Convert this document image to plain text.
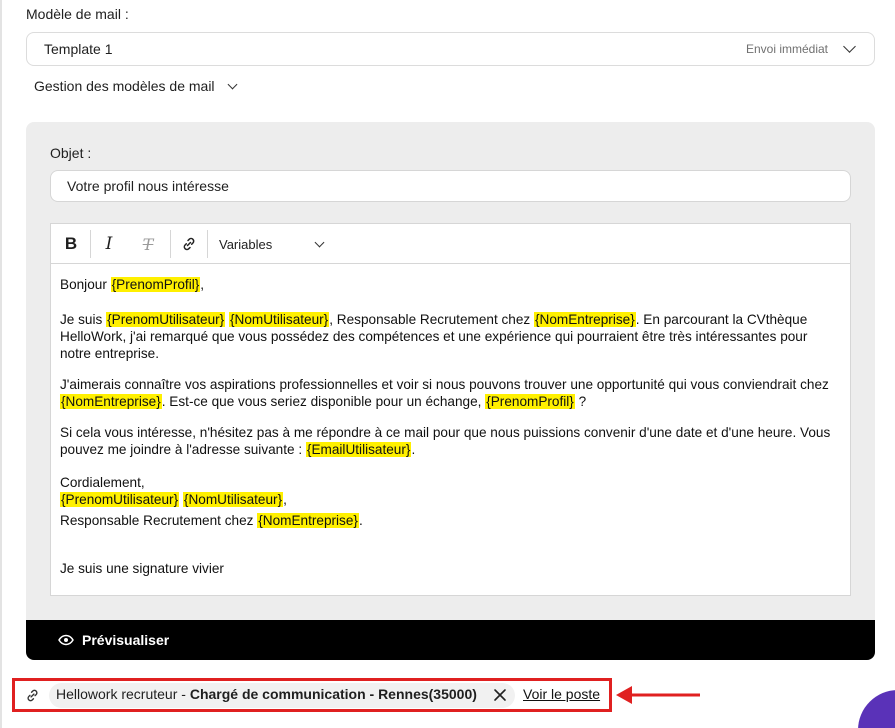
Modèle de mail :
Template 1	Envoi immédiat
Gestion des modèles de mail
Objet :
Votre profil nous intéresse
B	I	T	Variables

Bonjour {PrenomProfil},

Je suis {PrenomUtilisateur} {NomUtilisateur}, Responsable Recrutement chez {NomEntreprise}. En parcourant la CVthèque HelloWork, j'ai remarqué que vous possédez des compétences et une expérience qui pourraient être très intéressantes pour notre entreprise.

J'aimerais connaître vos aspirations professionnelles et voir si nous pouvons trouver une opportunité qui vous conviendrait chez {NomEntreprise}. Est-ce que vous seriez disponible pour un échange, {PrenomProfil} ?

Si cela vous intéresse, n'hésitez pas à me répondre à ce mail pour que nous puissions convenir d'une date et d'une heure. Vous pouvez me joindre à l'adresse suivante : {EmailUtilisateur}.

Cordialement,

{PrenomUtilisateur} {NomUtilisateur},

Responsable Recrutement chez {NomEntreprise}.

Je suis une signature vivier

Prévisualiser
Hellowork recruteur - Chargé de communication - Rennes(35000)	Voir le poste
